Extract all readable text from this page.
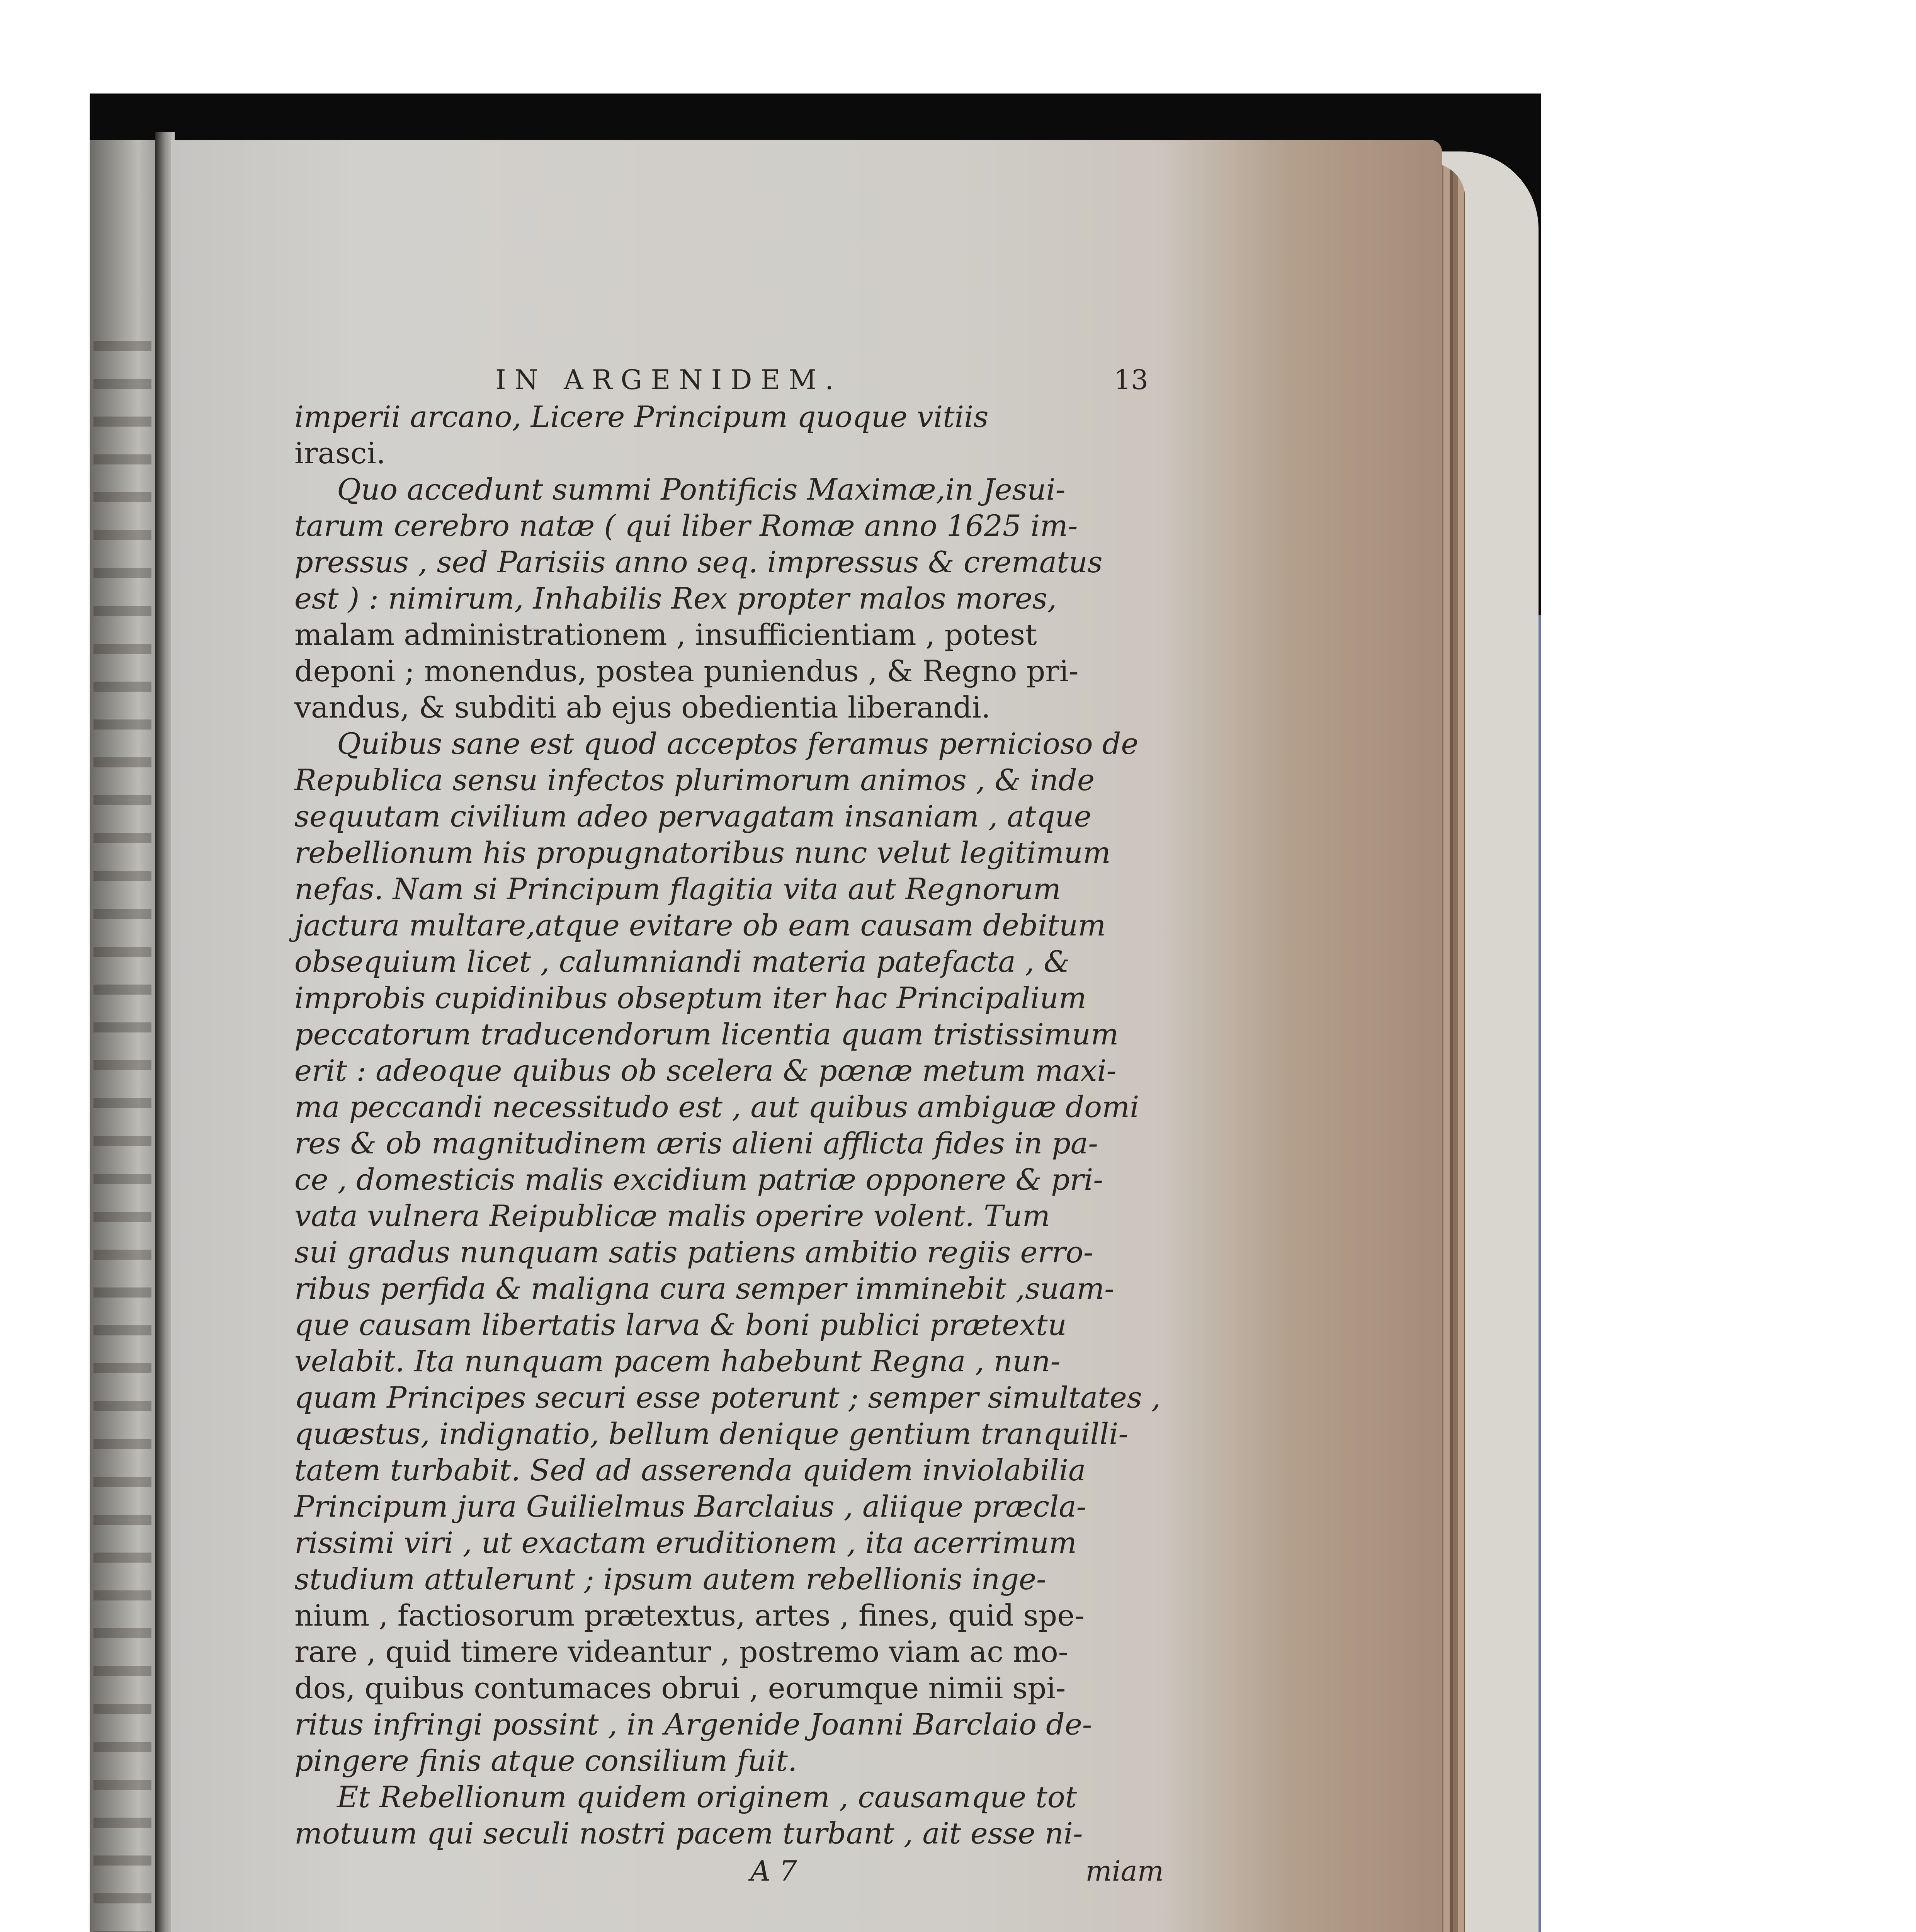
IN ARGENIDEM.	13
imperii arcano, Licere Principum quoque vitiis
irasci.
Quo accedunt summi Pontificis Maximæ,in Jesui-
tarum cerebro natæ ( qui liber Romæ anno 1625 im-
pressus , sed Parisiis anno seq. impressus & crematus
est ) : nimirum, Inhabilis Rex propter malos mores,
malam administrationem , insufficientiam , potest
deponi ; monendus, postea puniendus , & Regno pri-
vandus, & subditi ab ejus obedientia liberandi.
Quibus sane est quod acceptos feramus pernicioso de
Republica sensu infectos plurimorum animos , & inde
sequutam civilium adeo pervagatam insaniam , atque
rebellionum his propugnatoribus nunc velut legitimum
nefas. Nam si Principum flagitia vita aut Regnorum
jactura multare,atque evitare ob eam causam debitum
obsequium licet , calumniandi materia patefacta , &
improbis cupidinibus obseptum iter hac Principalium
peccatorum traducendorum licentia quam tristissimum
erit : adeoque quibus ob scelera & pœnæ metum maxi-
ma peccandi necessitudo est , aut quibus ambiguæ domi
res & ob magnitudinem æris alieni afflicta fides in pa-
ce , domesticis malis excidium patriæ opponere & pri-
vata vulnera Reipublicæ malis operire volent. Tum
sui gradus nunquam satis patiens ambitio regiis erro-
ribus perfida & maligna cura semper imminebit ,suam-
que causam libertatis larva & boni publici prætextu
velabit. Ita nunquam pacem habebunt Regna , nun-
quam Principes securi esse poterunt ; semper simultates ,
quæstus, indignatio, bellum denique gentium tranquilli-
tatem turbabit. Sed ad asserenda quidem inviolabilia
Principum jura Guilielmus Barclaius , aliique præcla-
rissimi viri , ut exactam eruditionem , ita acerrimum
studium attulerunt ; ipsum autem rebellionis inge-
nium , factiosorum prætextus, artes , fines, quid spe-
rare , quid timere videantur , postremo viam ac mo-
dos, quibus contumaces obrui , eorumque nimii spi-
ritus infringi possint , in Argenide Joanni Barclaio de-
pingere finis atque consilium fuit.
Et Rebellionum quidem originem , causamque tot
motuum qui seculi nostri pacem turbant , ait esse ni-
A 7	miam
